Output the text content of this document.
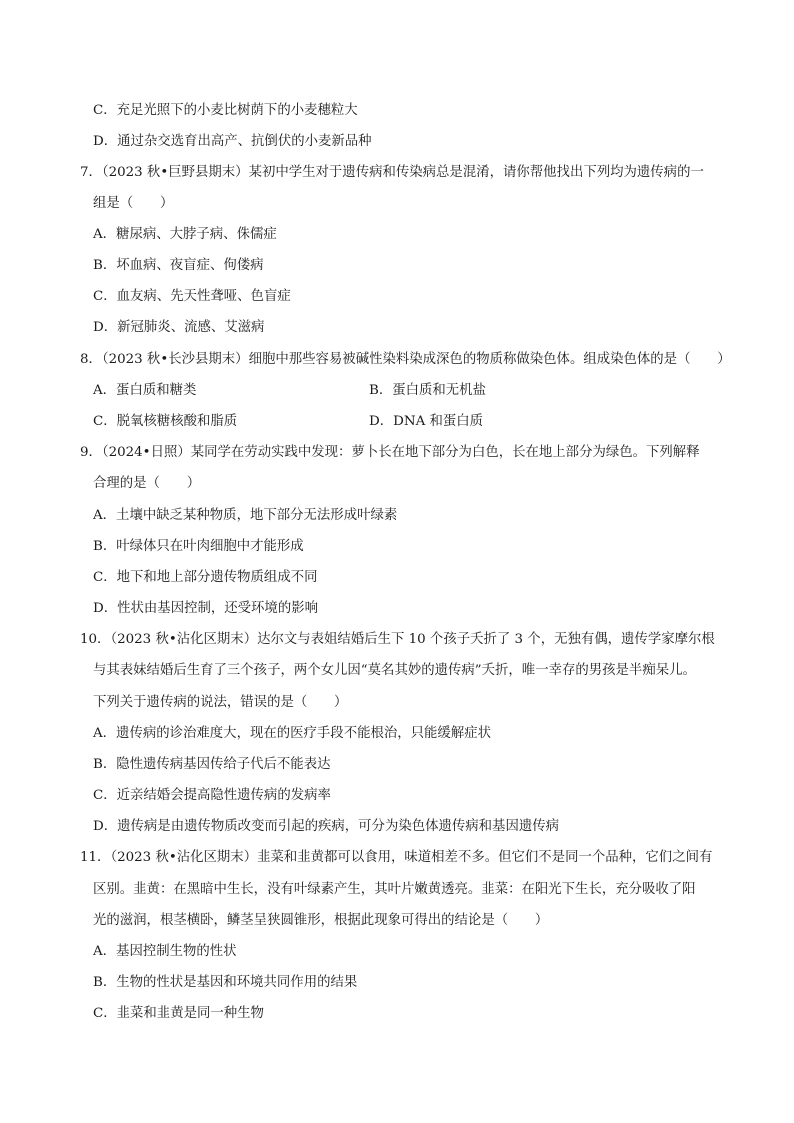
C．充足光照下的小麦比树荫下的小麦穗粒大
D．通过杂交选育出高产、抗倒伏的小麦新品种
7．（2023 秋•巨野县期末）某初中学生对于遗传病和传染病总是混淆，请你帮他找出下列均为遗传病的一
组是（　　）
A．糖尿病、大脖子病、侏儒症
B．坏血病、夜盲症、佝偻病
C．血友病、先天性聋哑、色盲症
D．新冠肺炎、流感、艾滋病
8．（2023 秋•长沙县期末）细胞中那些容易被碱性染料染成深色的物质称做染色体。组成染色体的是（　　）
A．蛋白质和糖类	B．蛋白质和无机盐
C．脱氧核糖核酸和脂质	D．DNA 和蛋白质
9．（2024•日照）某同学在劳动实践中发现：萝卜长在地下部分为白色，长在地上部分为绿色。下列解释
合理的是（　　）
A．土壤中缺乏某种物质，地下部分无法形成叶绿素
B．叶绿体只在叶肉细胞中才能形成
C．地下和地上部分遗传物质组成不同
D．性状由基因控制，还受环境的影响
10．（2023 秋•沾化区期末）达尔文与表姐结婚后生下 10 个孩子夭折了 3 个，无独有偶，遗传学家摩尔根
与其表妹结婚后生育了三个孩子，两个女儿因“莫名其妙的遗传病”夭折，唯一幸存的男孩是半痴呆儿。
下列关于遗传病的说法，错误的是（　　）
A．遗传病的诊治难度大，现在的医疗手段不能根治，只能缓解症状
B．隐性遗传病基因传给子代后不能表达
C．近亲结婚会提高隐性遗传病的发病率
D．遗传病是由遗传物质改变而引起的疾病，可分为染色体遗传病和基因遗传病
11．（2023 秋•沾化区期末）韭菜和韭黄都可以食用，味道相差不多。但它们不是同一个品种，它们之间有
区别。韭黄：在黑暗中生长，没有叶绿素产生，其叶片嫩黄透亮。韭菜：在阳光下生长，充分吸收了阳
光的滋润，根茎横卧，鳞茎呈狭圆锥形，根据此现象可得出的结论是（　　）
A．基因控制生物的性状
B．生物的性状是基因和环境共同作用的结果
C．韭菜和韭黄是同一种生物
